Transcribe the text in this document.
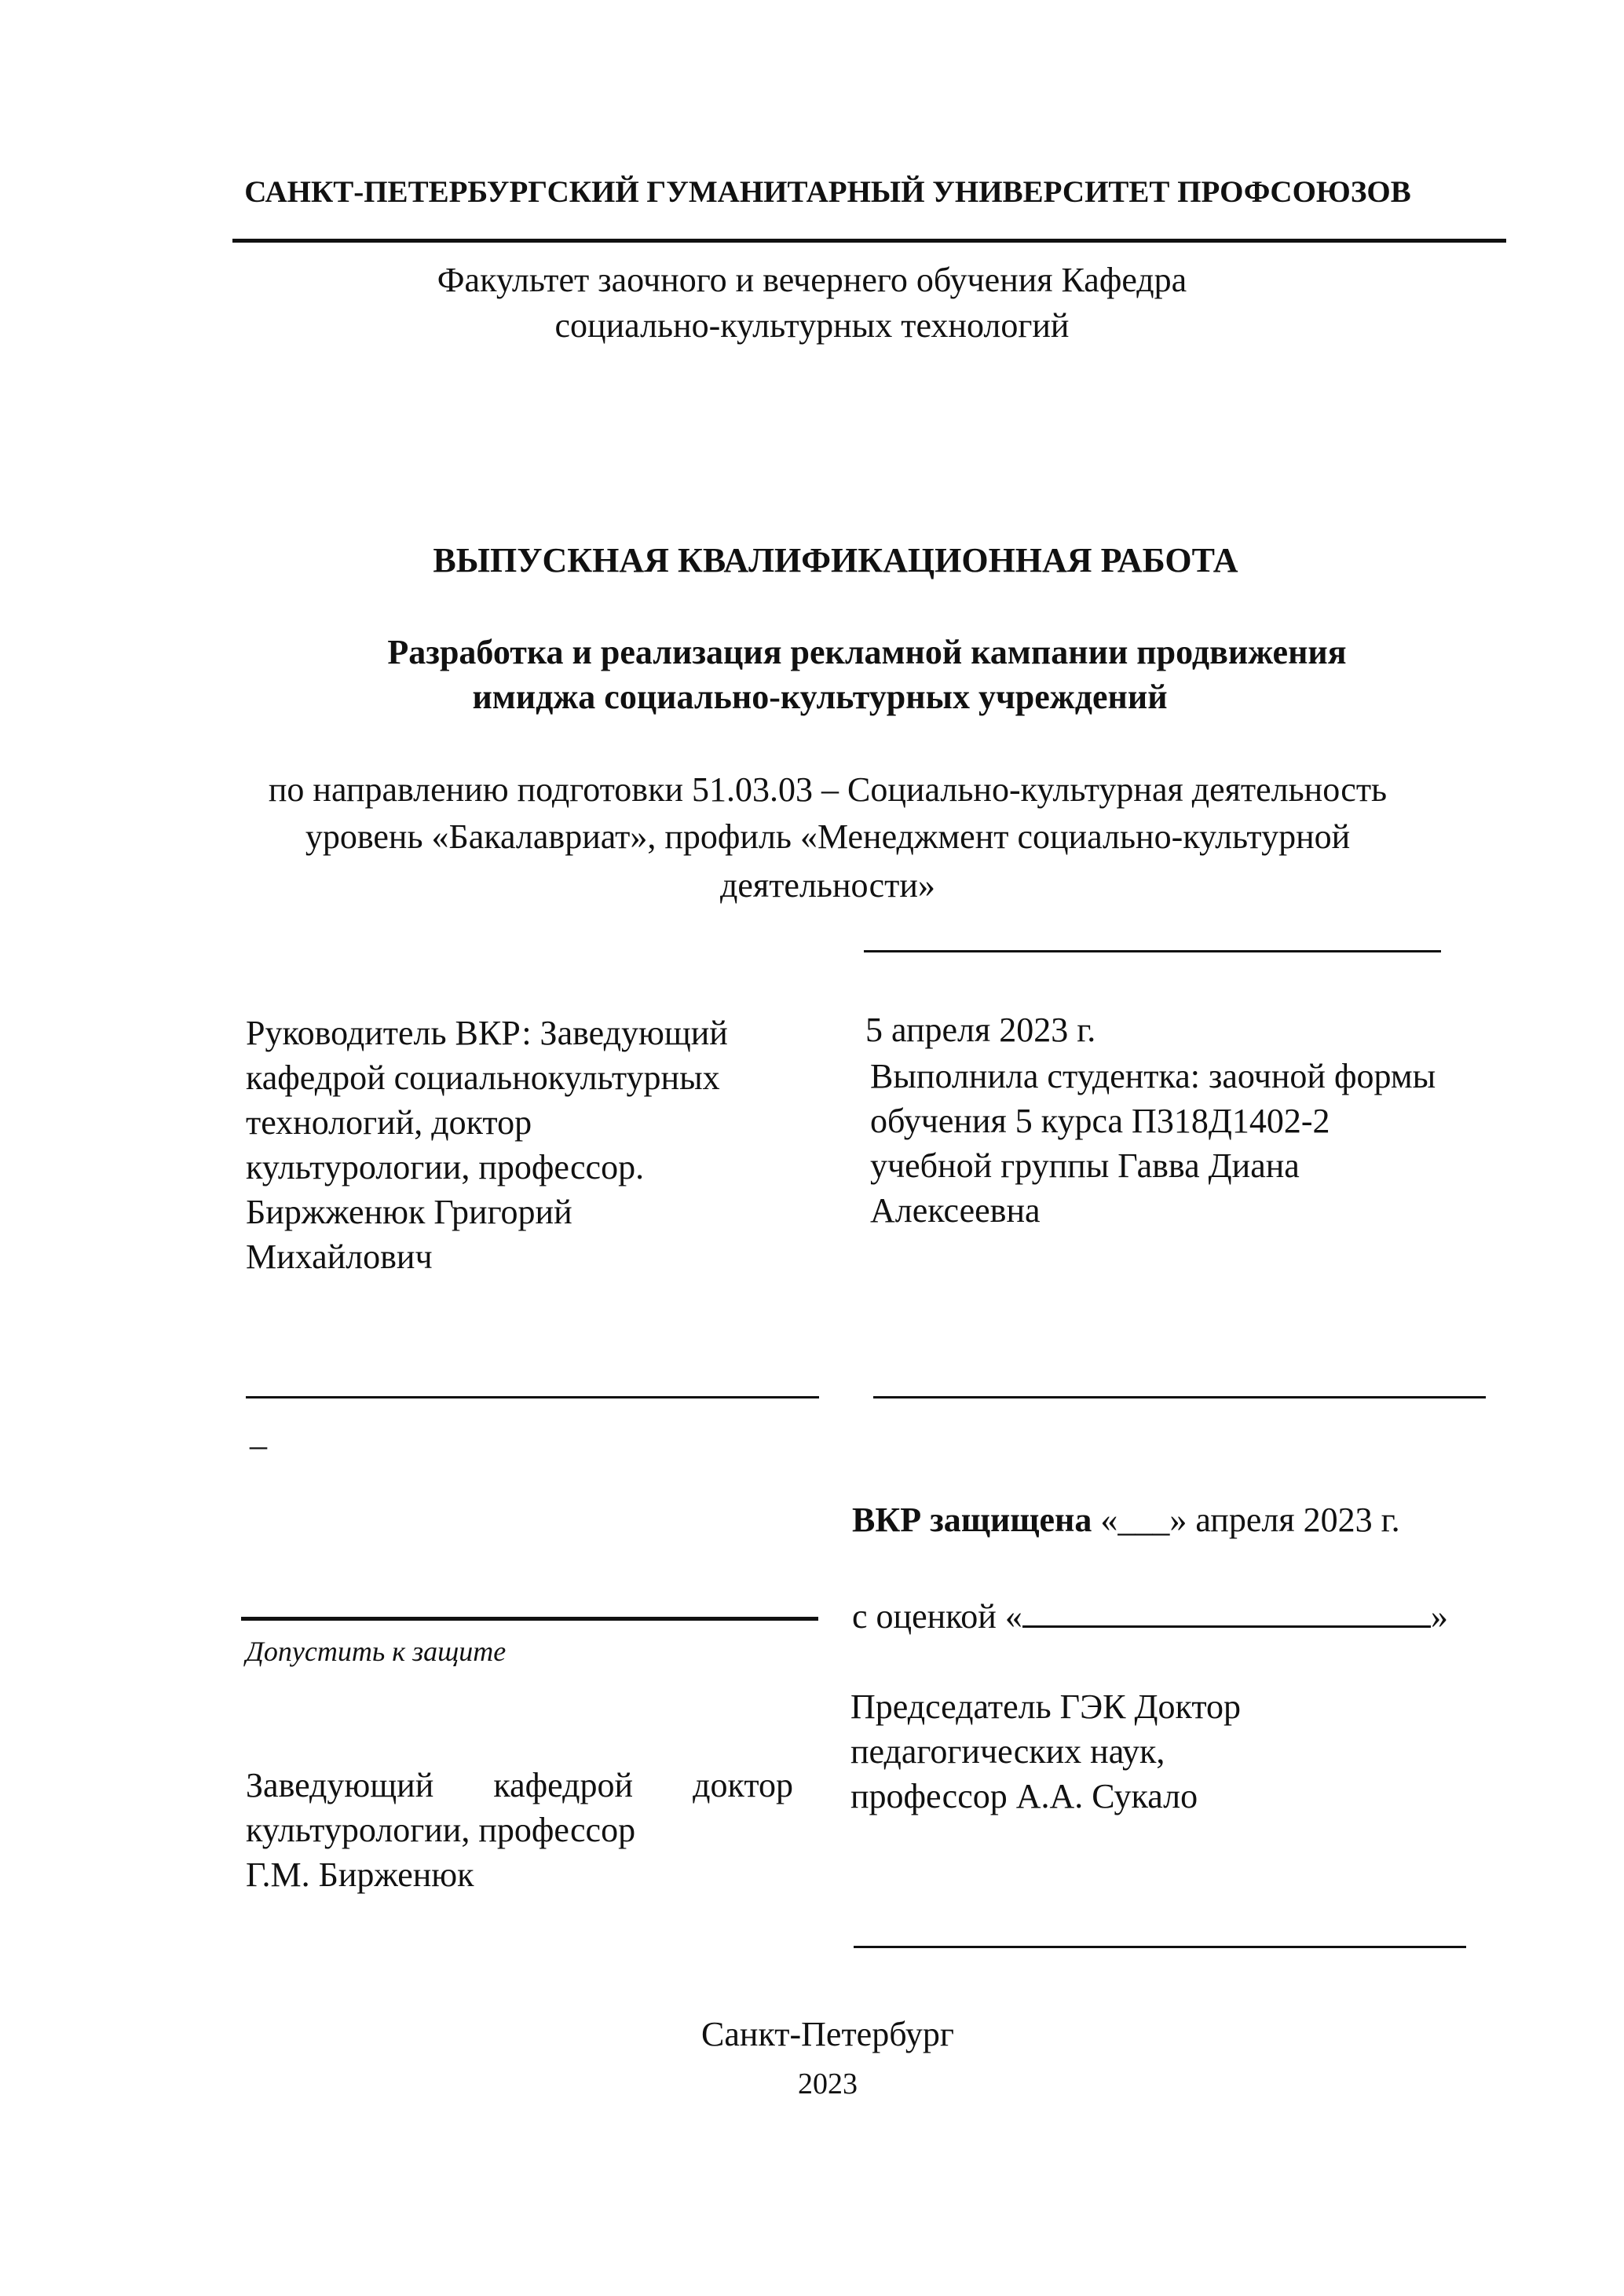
САНКТ-ПЕТЕРБУРГСКИЙ ГУМАНИТАРНЫЙ УНИВЕРСИТЕТ ПРОФСОЮЗОВ
Факультет заочного и вечернего обучения Кафедра
социально-культурных технологий
ВЫПУСКНАЯ КВАЛИФИКАЦИОННАЯ РАБОТА
Разработка и реализация рекламной кампании продвижения
имиджа социально-культурных учреждений
по направлению подготовки 51.03.03 – Социально-культурная деятельность
уровень «Бакалавриат», профиль «Менеджмент социально-культурной
деятельности»
Руководитель ВКР: Заведующий
кафедрой социальнокультурных
технологий, доктор
культурологии, профессор.
Биржженюк Григорий
Михайлович
5 апреля 2023 г.
Выполнила студентка: заочной формы
обучения 5 курса П318Д1402-2
учебной группы Гавва Диана
Алексеевна
_
ВКР защищена «___» апреля 2023 г.
Допустить к защите
с оценкой «	»
Председатель ГЭК Доктор
педагогических наук,
профессор А.А. Сукало
Заведующий кафедрой доктор
культурологии, профессор
Г.М. Бирженюк
Санкт-Петербург
2023
